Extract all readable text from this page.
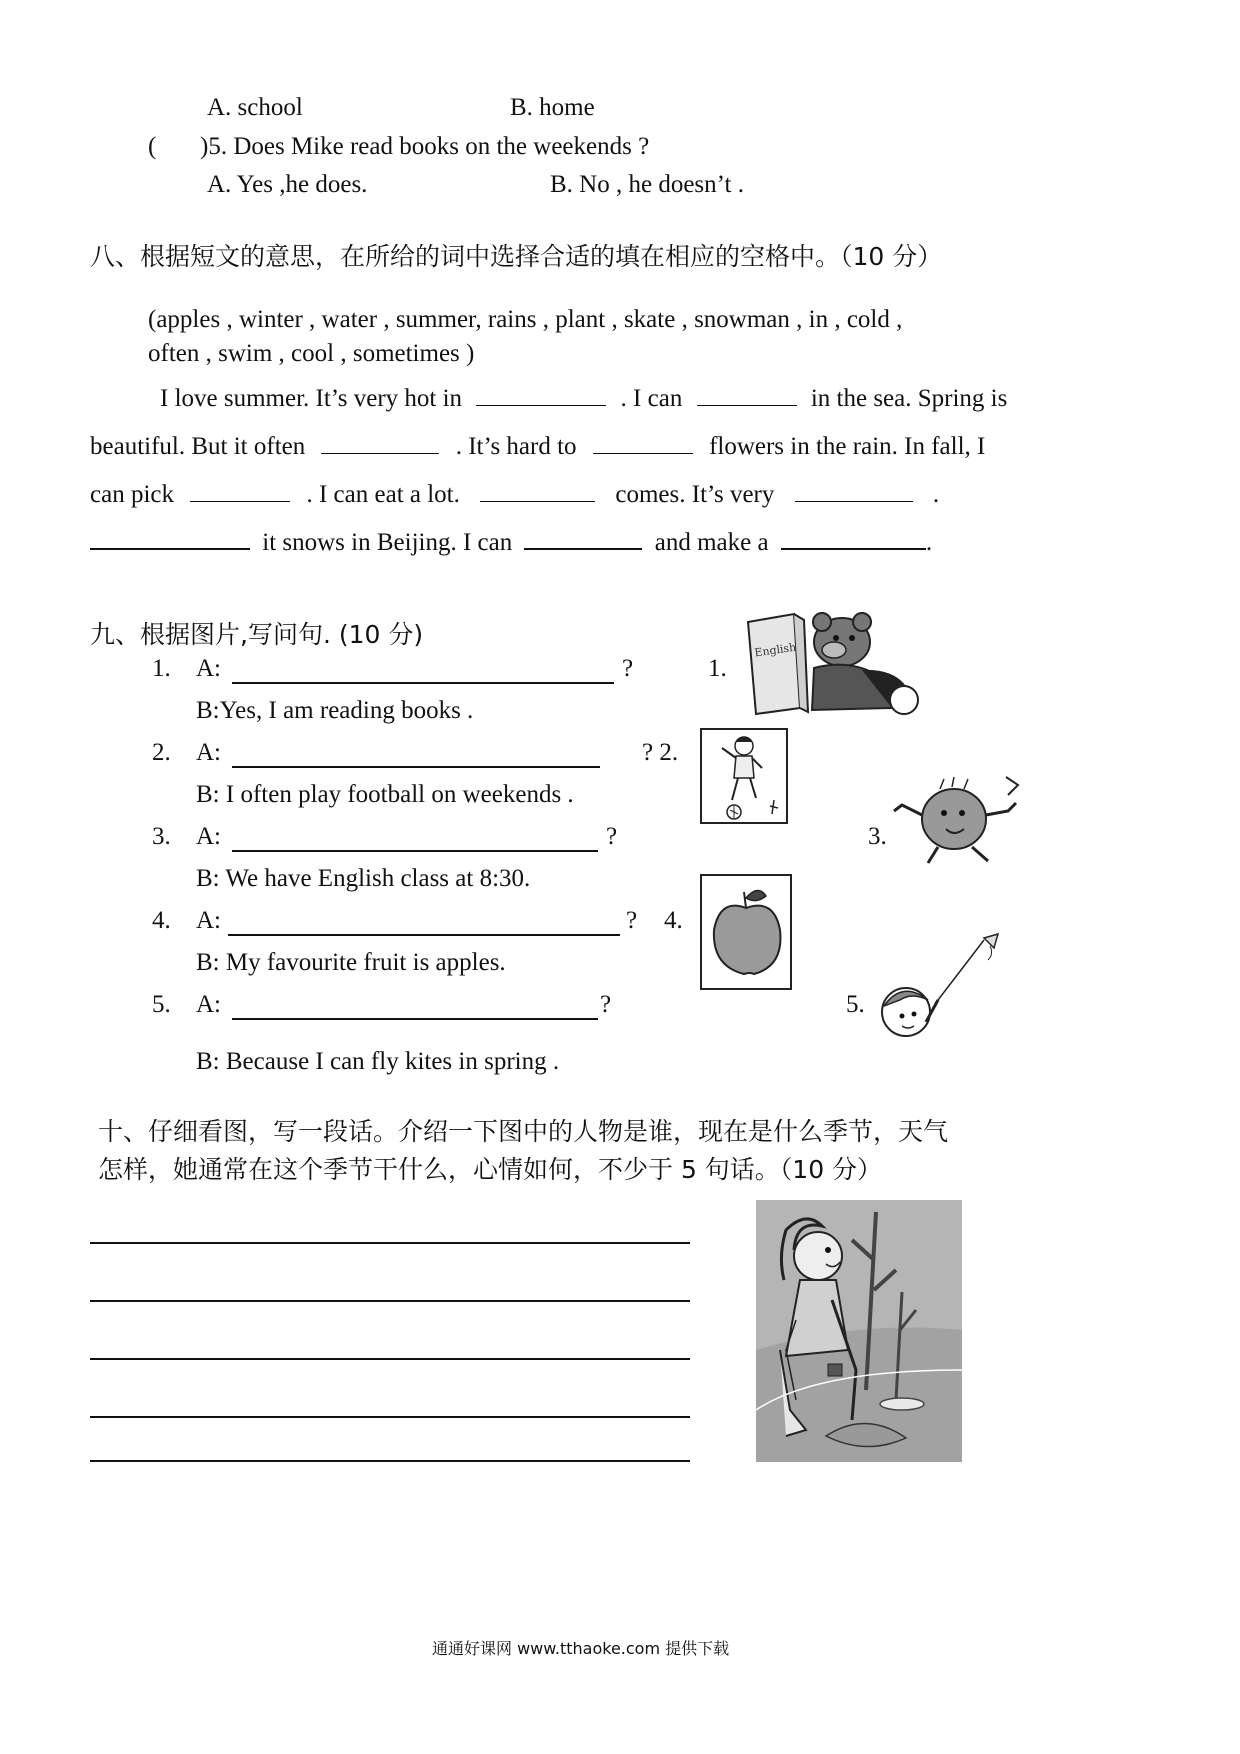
A. school	B. home
( )5. Does Mike read books on the weekends ?
A. Yes ,he does.	B. No , he doesn’t .
八、根据短文的意思，在所给的词中选择合适的填在相应的空格中。（10 分）
(apples , winter , water , summer, rains , plant , skate , snowman , in , cold ,
often , swim , cool , sometimes )
I love summer. It’s very hot in	. I can	in the sea. Spring is
beautiful. But it often	. It’s hard to	flowers in the rain. In fall, I
can pick	. I can eat a lot.	comes. It’s very	.
it snows in Beijing. I can	and make a	.
九、根据图片,写问句. (10 分)
1. A:	?
B:Yes, I am reading books .
1.
2. A:	? 2.
B: I often play football on weekends .
3. A:	?
B: We have English class at 8:30.
3.
4. A:	?
B: My favourite fruit is apples.
4.
5. A:	?
B: Because I can fly kites in spring .
5.
English
十、仔细看图，写一段话。介绍一下图中的人物是谁，现在是什么季节，天气
怎样，她通常在这个季节干什么，心情如何，不少于 5 句话。（10 分）
通通好课网 www.tthaoke.com 提供下载
